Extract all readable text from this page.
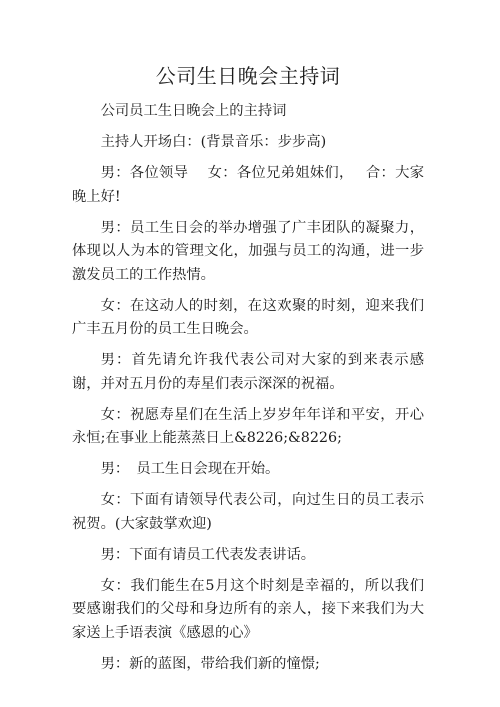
公司生日晚会主持词

公司员工生日晚会上的主持词

主持人开场白：(背景音乐：步步高)

男：各位领导　 女：各位兄弟姐妹们，　 合：大家晚上好!

男：员工生日会的举办增强了广丰团队的凝聚力，体现以人为本的管理文化，加强与员工的沟通，进一步激发员工的工作热情。

女：在这动人的时刻，在这欢聚的时刻，迎来我们广丰五月份的员工生日晚会。

男：首先请允许我代表公司对大家的到来表示感谢，并对五月份的寿星们表示深深的祝福。

女：祝愿寿星们在生活上岁岁年年详和平安，开心永恒;在事业上能蒸蒸日上&8226;&8226;

男：　员工生日会现在开始。

女：下面有请领导代表公司，向过生日的员工表示祝贺。(大家鼓掌欢迎)

男：下面有请员工代表发表讲话。

女：我们能生在5月这个时刻是幸福的，所以我们要感谢我们的父母和身边所有的亲人，接下来我们为大家送上手语表演《感恩的心》

男：新的蓝图，带给我们新的憧憬;
